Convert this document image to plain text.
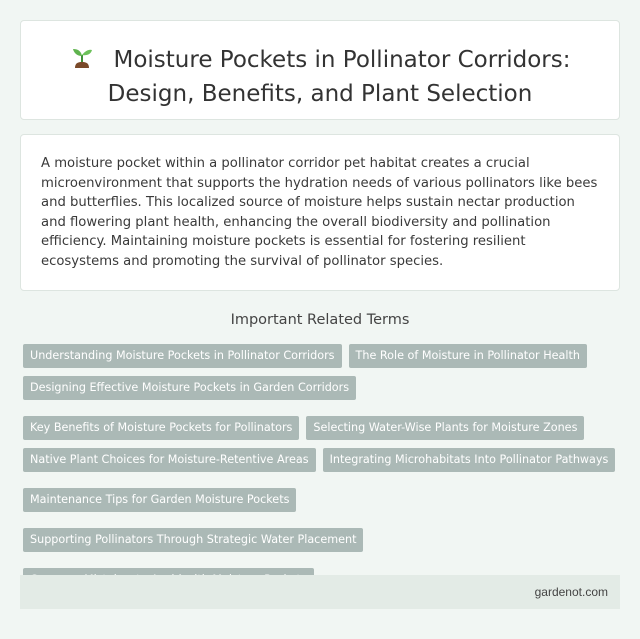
Moisture Pockets in Pollinator Corridors:
Design, Benefits, and Plant Selection

A moisture pocket within a pollinator corridor pet habitat creates a crucial microenvironment that supports the hydration needs of various pollinators like bees and butterflies. This localized source of moisture helps sustain nectar production and flowering plant health, enhancing the overall biodiversity and pollination efficiency. Maintaining moisture pockets is essential for fostering resilient ecosystems and promoting the survival of pollinator species.

Important Related Terms
Understanding Moisture Pockets in Pollinator Corridors	The Role of Moisture in Pollinator Health
Designing Effective Moisture Pockets in Garden Corridors
Key Benefits of Moisture Pockets for Pollinators	Selecting Water-Wise Plants for Moisture Zones
Native Plant Choices for Moisture-Retentive Areas	Integrating Microhabitats Into Pollinator Pathways
Maintenance Tips for Garden Moisture Pockets
Supporting Pollinators Through Strategic Water Placement
gardenot.com
